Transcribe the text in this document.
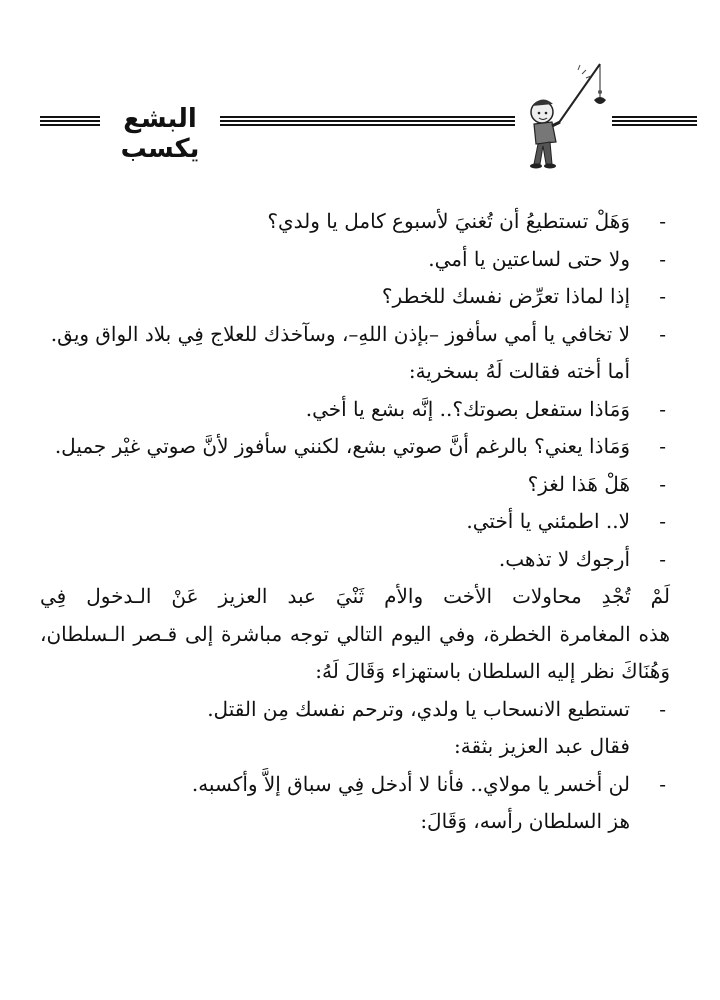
البشع يكسب
-
وَهَلْ تستطيعُ أن تُغنيَ لأسبوع كامل يا ولدي؟
-
ولا حتى لساعتين يا أمي.
-
إذا لماذا تعرِّض نفسك للخطر؟
-
لا تخافي يا أمي سأفوز –بإذن اللهِ–، وسآخذك للعلاج فِي بلاد الواق ويق.
أما أخته فقالت لَهُ بسخرية:
-
وَمَاذا ستفعل بصوتك؟.. إنَّه بشع يا أخي.
-
وَمَاذا يعني؟ بالرغم أنَّ صوتي بشع، لكنني سأفوز لأنَّ صوتي غيْر جميل.
-
هَلْ هَذا لغز؟
-
لا.. اطمئني يا أختي.
-
أرجوك لا تذهب.
لَمْ تُجْدِ محاولات الأخت والأم ثَنْيَ عبد العزيز عَنْ الـدخول فِي
هذه المغامرة الخطرة، وفي اليوم التالي توجه مباشرة إلى قـصر الـسلطان،
وَهُنَاكَ نظر إليه السلطان باستهزاء وَقَالَ لَهُ:
-
تستطيع الانسحاب يا ولدي، وترحم نفسك مِن القتل.
فقال عبد العزيز بثقة:
-
لن أخسر يا مولاي.. فأنا لا أدخل فِي سباق إلاَّ وأكسبه.
هز السلطان رأسه، وَقَالَ:
